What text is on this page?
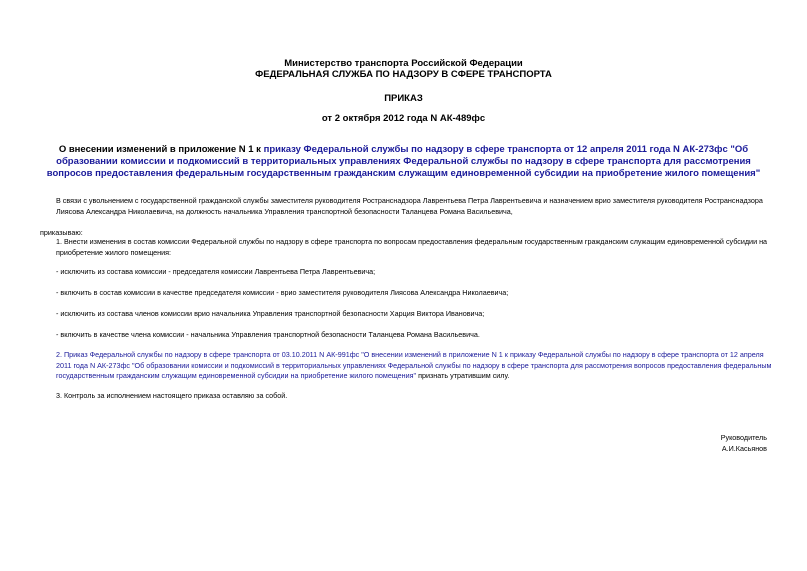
Министерство транспорта Российской Федерации
ФЕДЕРАЛЬНАЯ СЛУЖБА ПО НАДЗОРУ В СФЕРЕ ТРАНСПОРТА
ПРИКАЗ
от 2 октября 2012 года N АК-489фс
О внесении изменений в приложение N 1 к приказу Федеральной службы по надзору в сфере транспорта от 12 апреля 2011 года N АК-273фс "Об образовании комиссии и подкомиссий в территориальных управлениях Федеральной службы по надзору в сфере транспорта для рассмотрения вопросов предоставления федеральным государственным гражданским служащим единовременной субсидии на приобретение жилого помещения"
В связи с увольнением с государственной гражданской службы заместителя руководителя Ространснадзора Лаврентьева Петра Лаврентьевича и назначением врио заместителя руководителя Ространснадзора Лиясова Александра Николаевича, на должность начальника Управления транспортной безопасности Таланцева Романа Васильевича,
приказываю:
1. Внести изменения в состав комиссии Федеральной службы по надзору в сфере транспорта по вопросам предоставления федеральным государственным гражданским служащим единовременной субсидии на приобретение жилого помещения:
- исключить из состава комиссии - председателя комиссии Лаврентьева Петра Лаврентьевича;
- включить в состав комиссии в качестве председателя комиссии - врио заместителя руководителя Лиясова Александра Николаевича;
- исключить из состава членов комиссии врио начальника Управления транспортной безопасности Харция Виктора Ивановича;
- включить в качестве члена комиссии - начальника Управления транспортной безопасности Таланцева Романа Васильевича.
2. Приказ Федеральной службы по надзору в сфере транспорта от 03.10.2011 N АК-991фс "О внесении изменений в приложение N 1 к приказу Федеральной службы по надзору в сфере транспорта от 12 апреля 2011 года N АК-273фс "Об образовании комиссии и подкомиссий в территориальных управлениях Федеральной службы по надзору в сфере транспорта для рассмотрения вопросов предоставления федеральным государственным гражданским служащим единовременной субсидии на приобретение жилого помещения" признать утратившим силу.
3. Контроль за исполнением настоящего приказа оставляю за собой.
Руководитель
А.И.Касьянов
